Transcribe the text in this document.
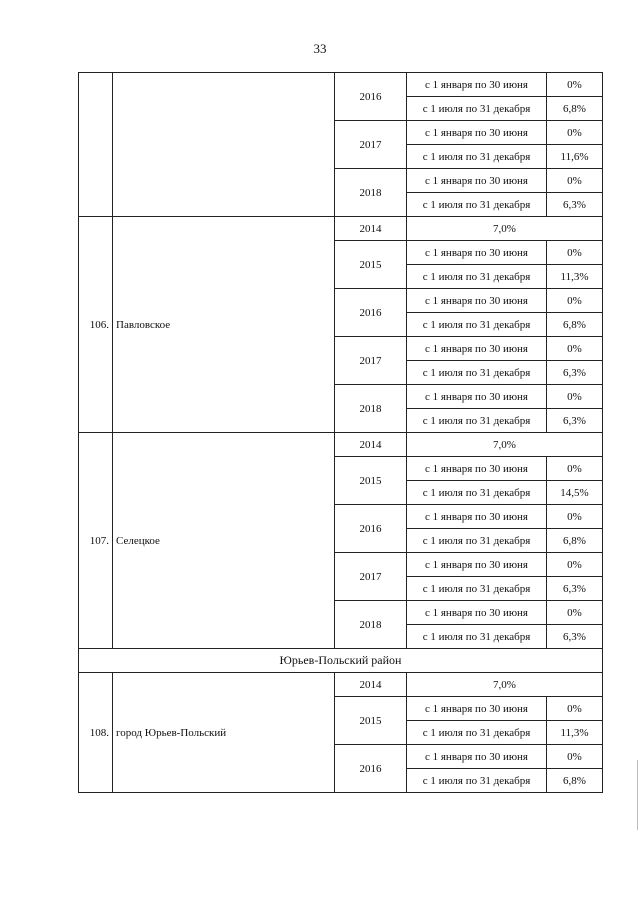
33
		2016	с 1 января по 30 июня	0%
			с 1 июля по 31 декабря	6,8%
		2017	с 1 января по 30 июня	0%
			с 1 июля по 31 декабря	11,6%
		2018	с 1 января по 30 июня	0%
			с 1 июля по 31 декабря	6,3%
106.	Павловское	2014	7,0%	
		2015	с 1 января по 30 июня	0%
			с 1 июля по 31 декабря	11,3%
		2016	с 1 января по 30 июня	0%
			с 1 июля по 31 декабря	6,8%
		2017	с 1 января по 30 июня	0%
			с 1 июля по 31 декабря	6,3%
		2018	с 1 января по 30 июня	0%
			с 1 июля по 31 декабря	6,3%
107.	Селецкое	2014	7,0%	
		2015	с 1 января по 30 июня	0%
			с 1 июля по 31 декабря	14,5%
		2016	с 1 января по 30 июня	0%
			с 1 июля по 31 декабря	6,8%
		2017	с 1 января по 30 июня	0%
			с 1 июля по 31 декабря	6,3%
		2018	с 1 января по 30 июня	0%
			с 1 июля по 31 декабря	6,3%
Юрьев-Польский район				
108.	город Юрьев-Польский	2014	7,0%	
		2015	с 1 января по 30 июня	0%
			с 1 июля по 31 декабря	11,3%
		2016	с 1 января по 30 июня	0%
			с 1 июля по 31 декабря	6,8%
